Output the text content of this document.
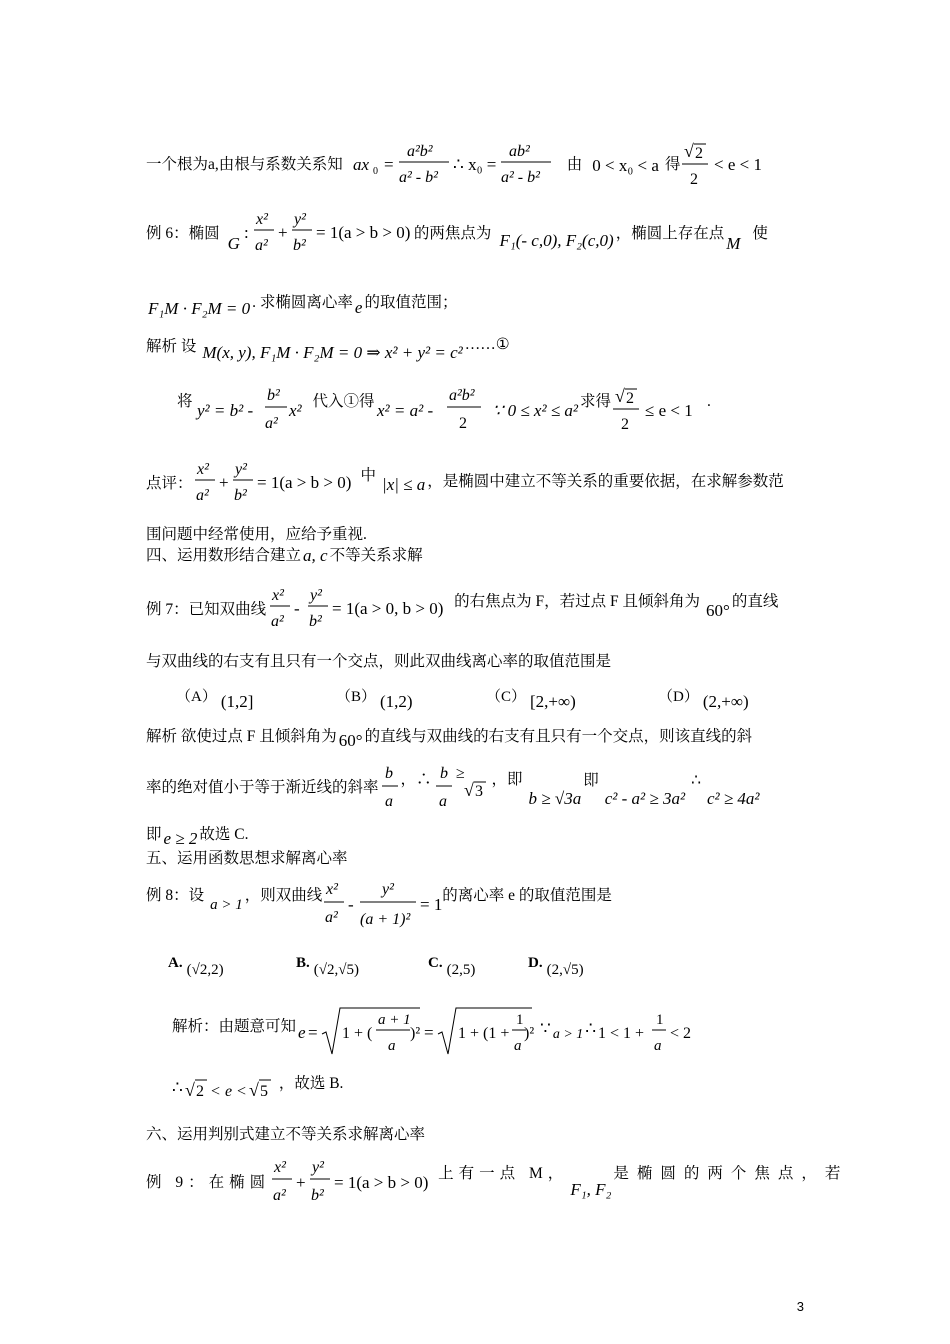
一个根为a,由根与系数关系知 ax 0 =
a²b²
a² - b²
∴ x₀ =
ab²
a² - b²
由 0 < x₀ < a 得
√ 2
2
< e < 1
例 6：椭圆 G
:
x²
a²
+
y²
b²
= 1(a > b > 0) 的两焦点为 F₁(- c,0), F₂(c,0) ，椭圆上存在点 M 使
F₁M · F₂M = 0 . 求椭圆离心率 e 的取值范围；
解析 设 M(x, y), F₁M · F₂M = 0 ⇒ x² + y² = c² ……①
将 y² = b² -
b²
a²
x² 代入①得 x² = a² -
a²b²
2
∵ 0 ≤ x² ≤ a² 求得 √ 2
2
≤ e < 1 .
点评：
x²
a²
+
y²
b²
= 1(a > b > 0) 中 |x| ≤ a ，是椭圆中建立不等关系的重要依据，在求解参数范
围问题中经常使用，应给予重视.
四、运用数形结合建立 a, c 不等关系求解
例 7：已知双曲线
x²
a²
-
y²
b²
= 1(a > 0, b > 0) 的右焦点为 F，若过点 F 且倾斜角为 60° 的直线
与双曲线的右支有且只有一个交点，则此双曲线离心率的取值范围是
（A） (1,2]	（B） (1,2)	（C） [2,+∞)	（D） (2,+∞)
解析 欲使过点 F 且倾斜角为 60° 的直线与双曲线的右支有且只有一个交点，则该直线的斜
率的绝对值小于等于渐近线的斜率
b
a
，∴ b
a
≥
√ 3
，即
b ≥ √3a
即
c² - a² ≥ 3a²
∴
c² ≥ 4a²
即 e ≥ 2 故选 C.
五、运用函数思想求解离心率
例 8：设
a > 1
，则双曲线 x²
a²
-
y²
(a + 1)²
= 1 的离心率 e 的取值范围是
A. (√2,2)	B. (√2,√5)	C. (2,5)	D. (2,√5)
解析：由题意可知 e = 1 + (
a + 1
a
)² = 1 + (1 +
1
a
)² ∵ a > 1 ∴ 1 < 1 +
1
a
< 2
∴ √ 2 < e < √ 5 ，故选 B.
六、运用判别式建立不等关系求解离心率
例 9：在椭圆
x²
a²
+
y²
b²
= 1(a > b > 0) 上有一点 M，
F₁, F₂
是椭圆的两个焦点，若
3
